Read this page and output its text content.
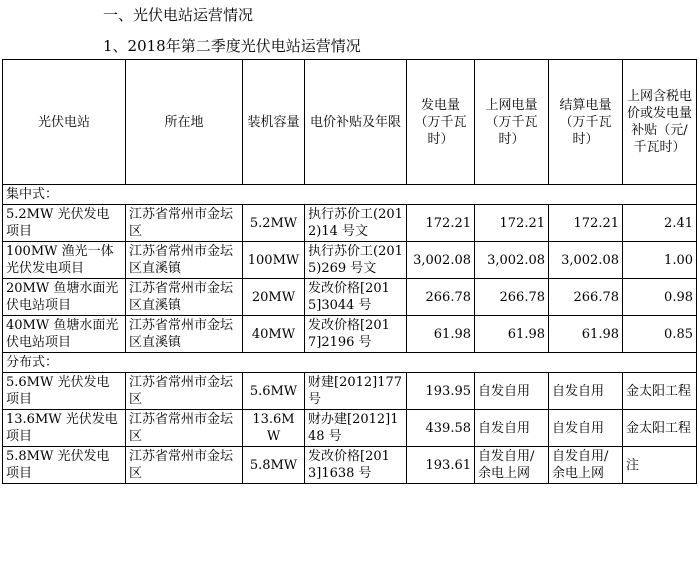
一、光伏电站运营情况
1、2018年第二季度光伏电站运营情况
光伏电站	所在地	装机容量	电价补贴及年限	发电量（万千瓦时）	上网电量（万千瓦时）	结算电量（万千瓦时）	上网含税电价或发电量补贴（元/千瓦时）
集中式：							
5.2MW 光伏发电项目	江苏省常州市金坛区	5.2MW	执行苏价工(2012)14 号文	172.21	172.21	172.21	2.41
100MW 渔光一体光伏发电项目	江苏省常州市金坛区直溪镇	100MW	执行苏价工(2015)269 号文	3,002.08	3,002.08	3,002.08	1.00
20MW 鱼塘水面光伏电站项目	江苏省常州市金坛区直溪镇	20MW	发改价格[2015]3044 号	266.78	266.78	266.78	0.98
40MW 鱼塘水面光伏电站项目	江苏省常州市金坛区直溪镇	40MW	发改价格[2017]2196 号	61.98	61.98	61.98	0.85
分布式：							
5.6MW 光伏发电项目	江苏省常州市金坛区	5.6MW	财建[2012]177 号	193.95	自发自用	自发自用	金太阳工程
13.6MW 光伏发电项目	江苏省常州市金坛区	13.6MW	财办建[2012]148 号	439.58	自发自用	自发自用	金太阳工程
5.8MW 光伏发电项目	江苏省常州市金坛区	5.8MW	发改价格[2013]1638 号	193.61	自发自用/余电上网	自发自用/余电上网	注
